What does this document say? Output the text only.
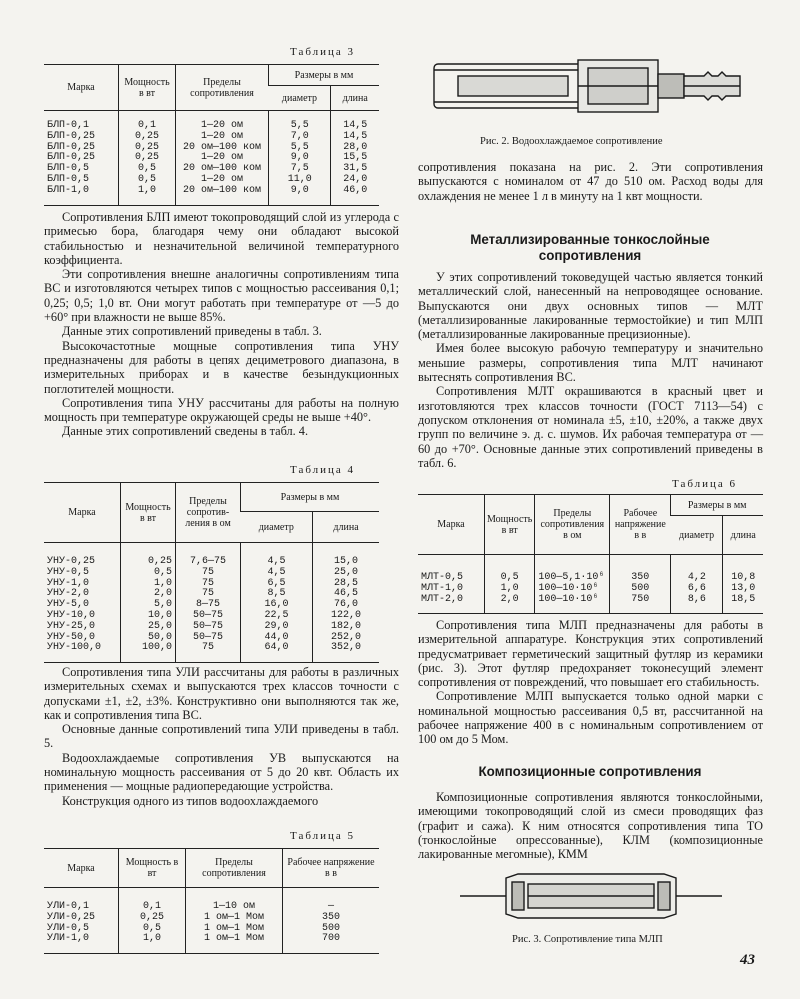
Таблица 3
Марка	Мощность в вт	Пределы сопротивления	Размеры в мм	
			диаметр	длина
БЛП-0,1	0,1	1—20 ом	5,5	14,5
БЛП-0,25	0,25	1—20 ом	7,0	14,5
БЛП-0,25	0,25	20 ом—100 ком	5,5	28,0
БЛП-0,25	0,25	1—20 ом	9,0	15,5
БЛП-0,5	0,5	20 ом—100 ком	7,5	31,5
БЛП-0,5	0,5	1—20 ом	11,0	24,0
БЛП-1,0	1,0	20 ом—100 ком	9,0	46,0

Сопротивления БЛП имеют токопроводящий слой из углерода с примесью бора, благодаря чему они обладают высокой стабильностью и незначительной величиной температурного коэффициента.

Эти сопротивления внешне аналогичны сопротивлениям типа ВС и изготовляются четырех типов с мощностью рассеивания 0,1; 0,25; 0,5; 1,0 вт. Они могут работать при температуре от —5 до +60° при влажности не выше 85%.

Данные этих сопротивлений приведены в табл. 3.

Высокочастотные мощные сопротивления типа УНУ предназначены для работы в цепях дециметрового диапазона, в измерительных приборах и в качестве безындукционных поглотителей мощности.

Сопротивления типа УНУ рассчитаны для работы на полную мощность при температуре окружающей среды не выше +40°.

Данные этих сопротивлений сведены в табл. 4.

Таблица 4
Марка	Мощность в вт	Пределы сопротивления в ом	Размеры в мм	
			диаметр	длина
УНУ-0,25	0,25	7,6—75	4,5	15,0
УНУ-0,5	0,5	75	4,5	25,0
УНУ-1,0	1,0	75	6,5	28,5
УНУ-2,0	2,0	75	8,5	46,5
УНУ-5,0	5,0	8—75	16,0	76,0
УНУ-10,0	10,0	50—75	22,5	122,0
УНУ-25,0	25,0	50—75	29,0	182,0
УНУ-50,0	50,0	50—75	44,0	252,0
УНУ-100,0	100,0	75	64,0	352,0

Сопротивления типа УЛИ рассчитаны для работы в различных измерительных схемах и выпускаются трех классов точности с допусками ±1, ±2, ±3%. Конструктивно они выполняются так же, как и сопротивления типа ВС.

Основные данные сопротивлений типа УЛИ приведены в табл. 5.

Водоохлаждаемые сопротивления УВ выпускаются на номинальную мощность рассеивания от 5 до 20 квт. Область их применения — мощные радиопередающие устройства.

Конструкция одного из типов водоохлаждаемого

Таблица 5
Марка	Мощность в вт	Пределы сопротивления	Рабочее напряжение в в
УЛИ-0,1	0,1	1—10 ом	—
УЛИ-0,25	0,25	1 ом—1 Мом	350
УЛИ-0,5	0,5	1 ом—1 Мом	500
УЛИ-1,0	1,0	1 ом—1 Мом	700
Рис. 2. Водоохлаждаемое сопротивление

сопротивления показана на рис. 2. Эти сопротивления выпускаются с номиналом от 47 до 510 ом. Расход воды для охлаждения не менее 1 л в минуту на 1 квт мощности.

Металлизированные тонкослойные сопротивления

У этих сопротивлений токоведущей частью является тонкий металлический слой, нанесенный на непроводящее основание. Выпускаются они двух основных типов — МЛТ (металлизированные лакированные термостойкие) и тип МЛП (металлизированные лакированные прецизионные).

Имея более высокую рабочую температуру и значительно меньшие размеры, сопротивления типа МЛТ начинают вытеснять сопротивления ВС.

Сопротивления МЛТ окрашиваются в красный цвет и изготовляются трех классов точности (ГОСТ 7113—54) с допуском отклонения от номинала ±5, ±10, ±20%, а также двух групп по величине э. д. с. шумов. Их рабочая температура от —60 до +70°. Основные данные этих сопротивлений приведены в табл. 6.

Таблица 6
Марка	Мощность в вт	Пределы сопротивления в ом	Рабочее напряжение в в	Размеры в мм	
				диаметр	длина
МЛТ-0,5	0,5	100—5,1·10⁶	350	4,2	10,8
МЛТ-1,0	1,0	100—10·10⁶	500	6,6	13,0
МЛТ-2,0	2,0	100—10·10⁶	750	8,6	18,5

Сопротивления типа МЛП предназначены для работы в измерительной аппаратуре. Конструкция этих сопротивлений предусматривает герметический защитный футляр из керамики (рис. 3). Этот футляр предохраняет токонесущий элемент сопротивления от повреждений, что повышает его стабильность.

Сопротивление МЛП выпускается только одной марки с номинальной мощностью рассеивания 0,5 вт, рассчитанной на рабочее напряжение 400 в с номинальным сопротивлением от 100 ом до 5 Мом.

Композиционные сопротивления

Композиционные сопротивления являются тонкослойными, имеющими токопроводящий слой из смеси проводящих фаз (графит и сажа). К ним относятся сопротивления типа ТО (тонкослойные опрессованные), КЛМ (композиционные лакированные мегомные), КММ

Рис. 3. Сопротивление типа МЛП
43
